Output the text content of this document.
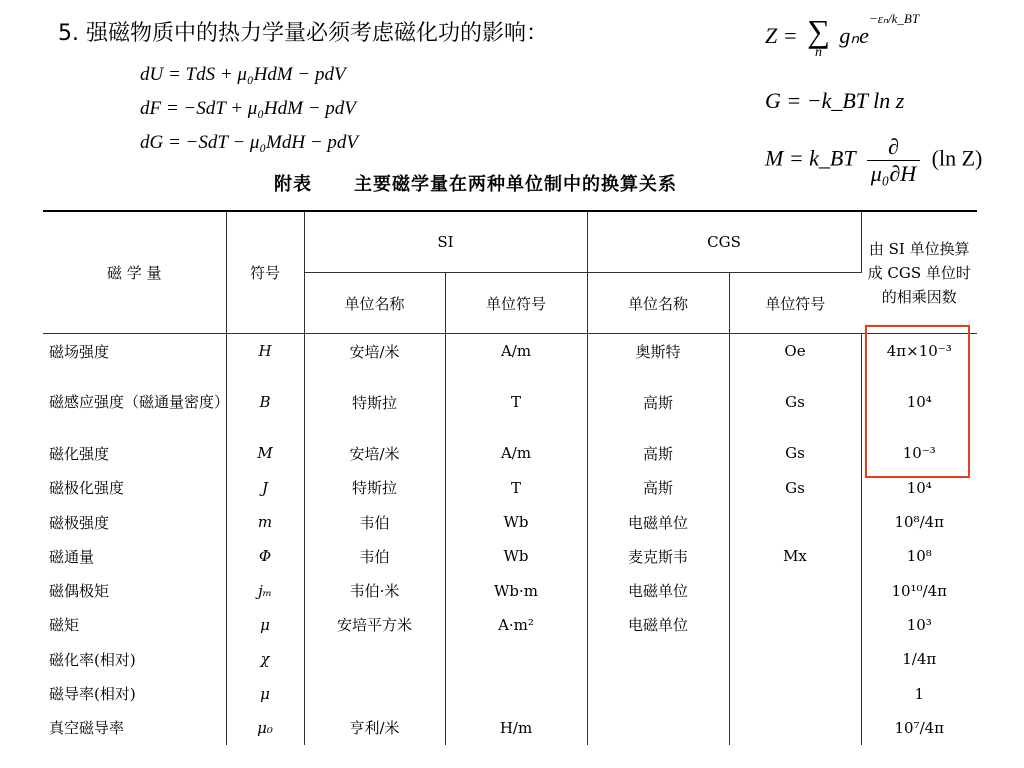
5. 强磁物质中的热力学量必须考虑磁化功的影响：
dU = TdS + μ₀HdM − pdV
dF = −SdT + μ₀HdM − pdV
dG = −SdT − μ₀MdH − pdV
Z = ∑
n
gₙe$^{-\varepsilon_n/k\_BT}$
G = −k_BT ln z
M = k_BT $\frac{\partial}{\text{μ₀∂H}} (\ln$ Z)
附表 主要磁学量在两种单位制中的换算关系
磁 学 量	符号	SI		CGS		由 SI 单位换算成 CGS 单位时的相乘因数
		单位名称	单位符号	单位名称	单位符号	
磁场强度	H	安培/米	A/m	奥斯特	Oe	4π×10⁻³
磁感应强度（磁通量密度）	B	特斯拉	T	高斯	Gs	10⁴
磁化强度	M	安培/米	A/m	高斯	Gs	10⁻³
磁极化强度	J	特斯拉	T	高斯	Gs	10⁴
磁极强度	m	韦伯	Wb	电磁单位		10⁸/4π
磁通量	Φ	韦伯	Wb	麦克斯韦	Mx	10⁸
磁偶极矩	jₘ	韦伯·米	Wb·m	电磁单位		10¹⁰/4π
磁矩	μ	安培平方米	A·m²	电磁单位		10³
磁化率(相对)	χ					1/4π
磁导率(相对)	μ					1
真空磁导率	μ₀	亨利/米	H/m			10⁷/4π
